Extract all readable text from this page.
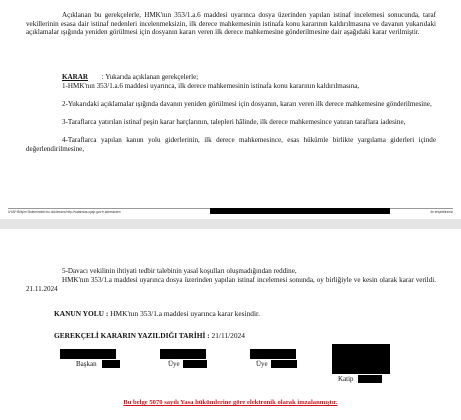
Açıklanan bu gerekçelerle, HMK'nın 353/1.a.6 maddesi uyarınca dosya üzerinden yapılan istinaf incelemesi sonucunda, taraf vekillerinin esasa dair istinaf nedenleri incelenmeksizin, ilk derece mahkemesinin istinafa konu kararının kaldırılmasına ve davanın yukarıdaki açıklamalar ışığında yeniden görülmesi için dosyanın kararı veren ilk derece mahkemesine gönderilmesine dair aşağıdaki karar verilmiştir.

KARAR : Yukarıda açıklanan gerekçelerle;

1-HMK'nın 353/1.a.6 maddesi uyarınca, ilk derece mahkemesinin istinafa konu kararının kaldırılmasına,

2-Yukarıdaki açıklamalar ışığında davanın yeniden görülmesi için dosyanın, kararı veren ilk derece mahkemesine gönderilmesine,

3-Taraflarca yatırılan istinaf peşin karar harçlarının, talepleri hâlinde, ilk derece mahkemesince yatıran taraflara iadesine,

4-Taraflarca yapılan kanun yolu giderlerinin, ilk derece mahkemesince, esas hükümle birlikte yargılama giderleri içinde değerlendirilmesine,

UYAP Bilişim Sistemindeki bu dokümana http://vatandas.uyap.gov.tr adresinden	ile erişebilirsiniz

5-Davacı vekilinin ihtiyati tedbir talebinin yasal koşulları oluşmadığından reddine,

HMK'nın 353/1.a maddesi uyarınca dosya üzerinden yapılan istinaf incelemesi sonunda, oy birliğiyle ve kesin olarak karar verildi. 21.11.2024

KANUN YOLU : HMK'nın 353/1.a maddesi uyarınca karar kesindir.
GEREKÇELİ KARARIN YAZILDIĞI TARİHİ : 21/11/2024
Başkan	Üye	Üye
Katip
Bu belge 5070 sayılı Yasa hükümlerine göre elektronik olarak imzalanmıştır.
